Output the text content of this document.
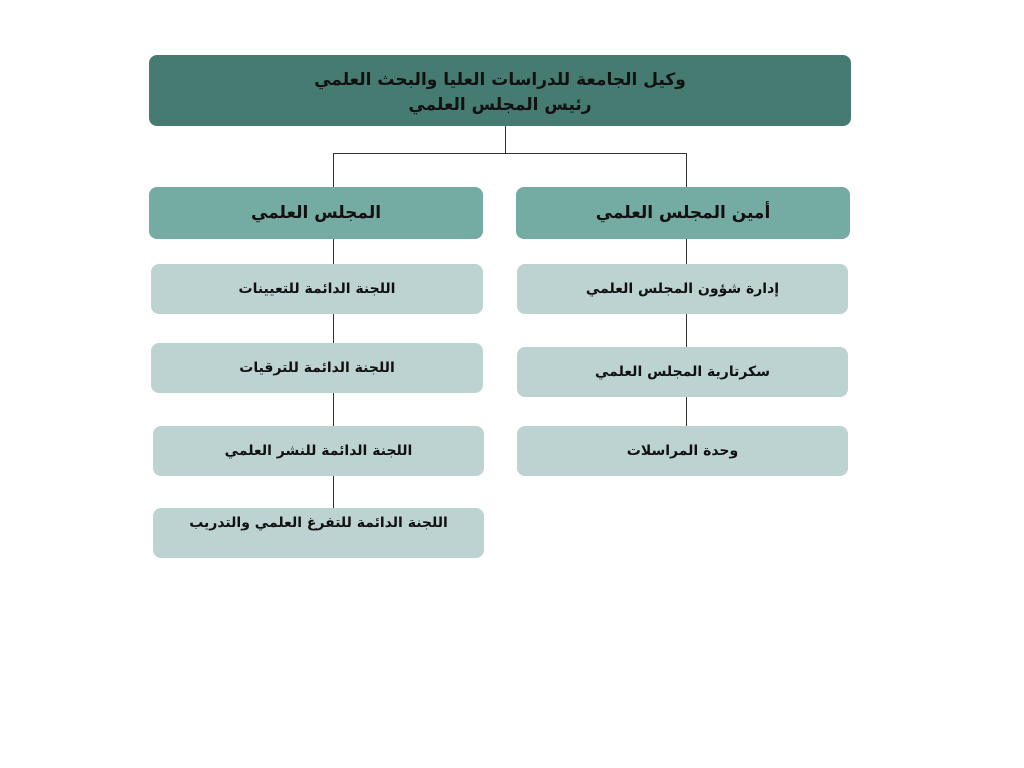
وكيل الجامعة للدراسات العليا والبحث العلمي
رئيس المجلس العلمي
المجلس العلمي	أمين المجلس العلمي
اللجنة الدائمة للتعيينات
اللجنة الدائمة للترقيات
اللجنة الدائمة للنشر العلمي
اللجنة الدائمة للتفرغ العلمي والتدريب
إدارة شؤون المجلس العلمي
سكرتارية المجلس العلمي
وحدة المراسلات
